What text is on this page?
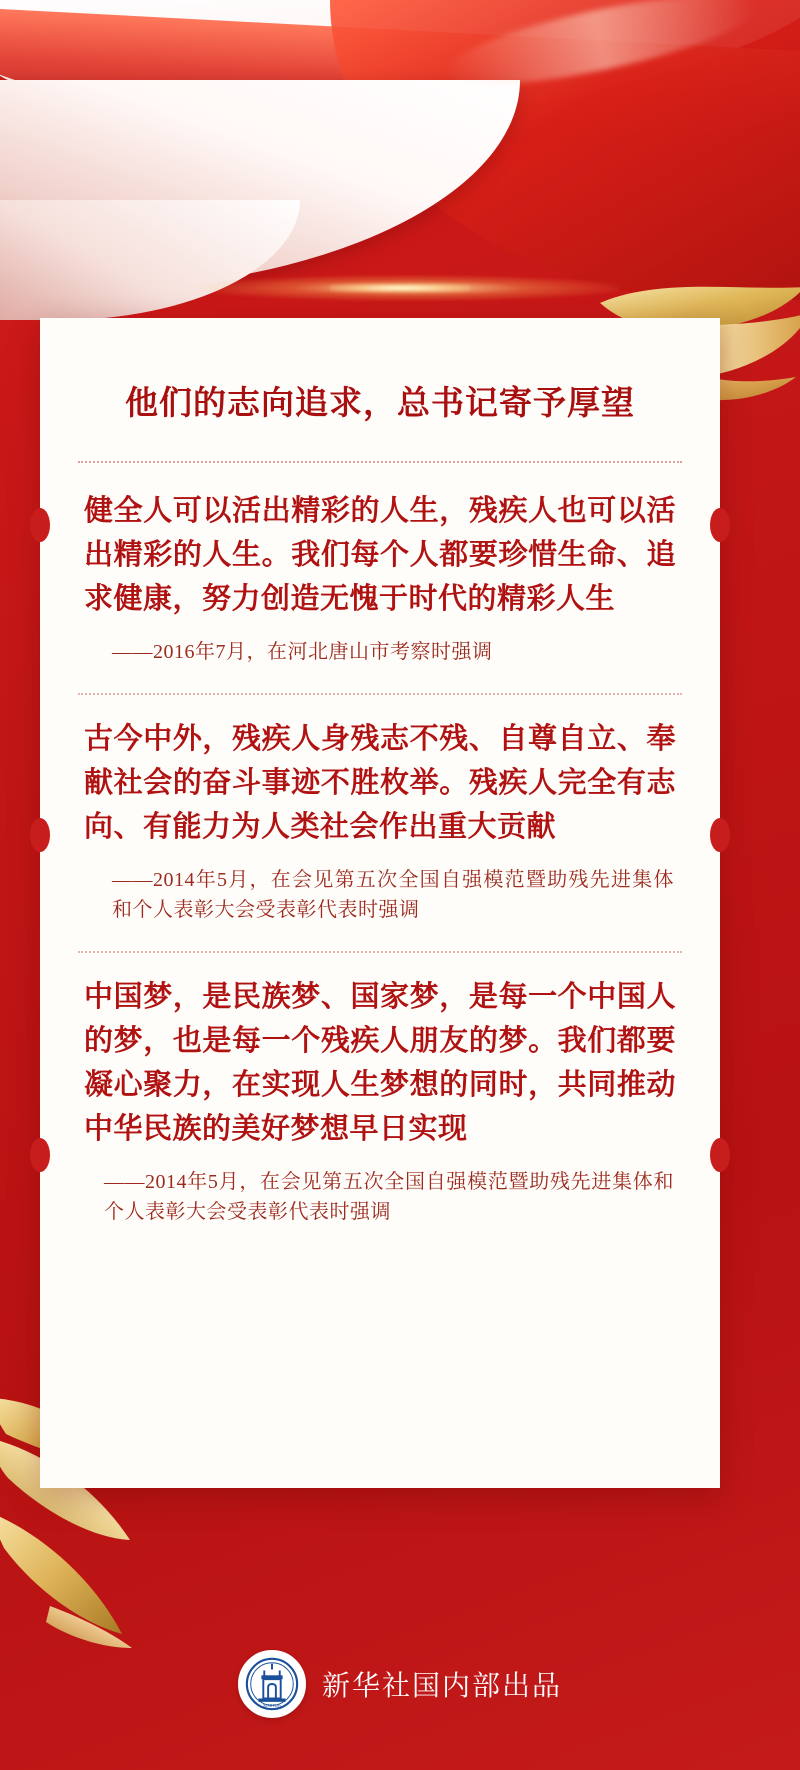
他们的志向追求，总书记寄予厚望

健全人可以活出精彩的人生，残疾人也可以活出精彩的人生。我们每个人都要珍惜生命、追求健康，努力创造无愧于时代的精彩人生

——2016年7月，在河北唐山市考察时强调

古今中外，残疾人身残志不残、自尊自立、奉献社会的奋斗事迹不胜枚举。残疾人完全有志向、有能力为人类社会作出重大贡献

——2014年5月，在会见第五次全国自强模范暨助残先进集体和个人表彰大会受表彰代表时强调

中国梦，是民族梦、国家梦，是每一个中国人的梦，也是每一个残疾人朋友的梦。我们都要凝心聚力，在实现人生梦想的同时，共同推动中华民族的美好梦想早日实现

——2014年5月，在会见第五次全国自强模范暨助残先进集体和个人表彰大会受表彰代表时强调

XINHUA
新华社国内部出品
